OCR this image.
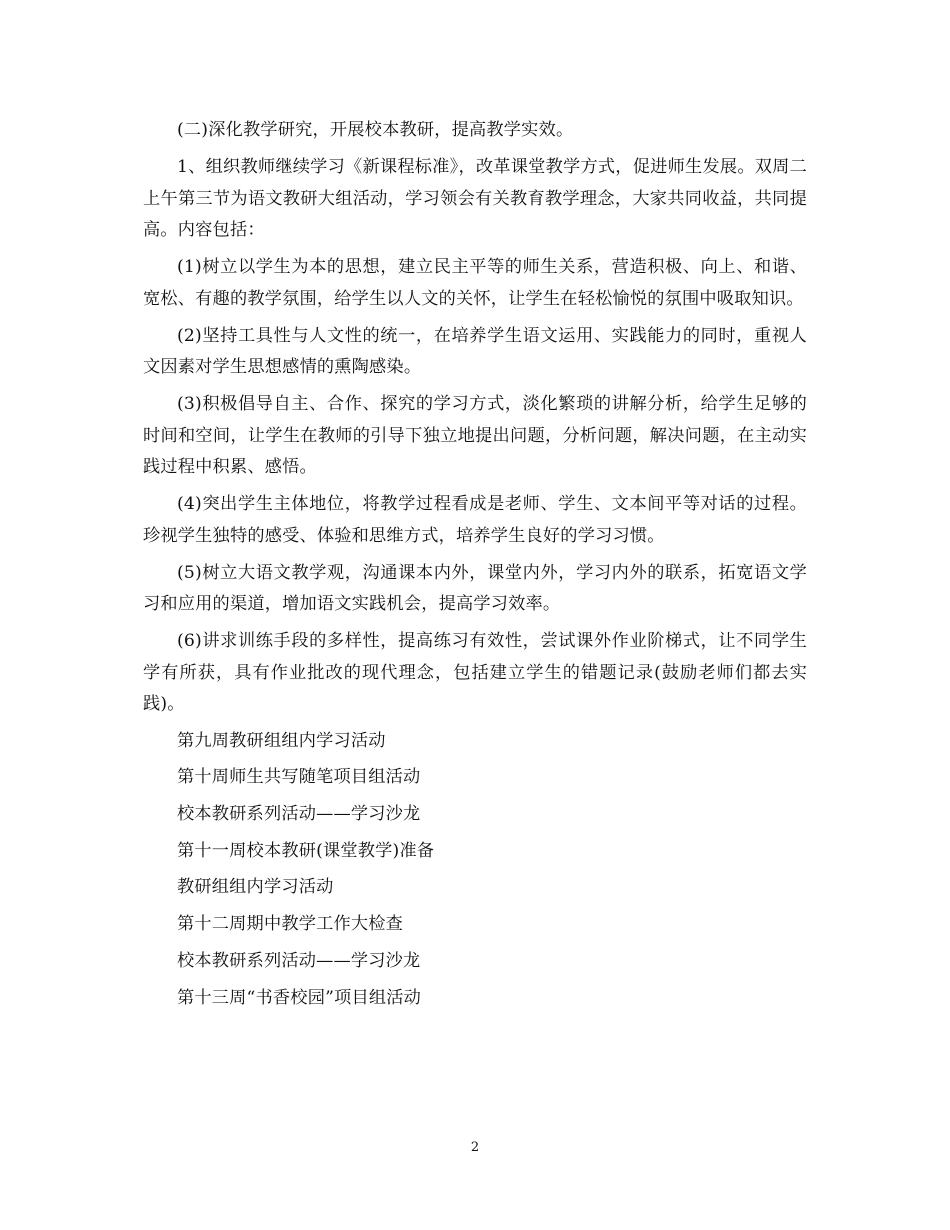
(二)深化教学研究，开展校本教研，提高教学实效。

1、组织教师继续学习《新课程标准》，改革课堂教学方式，促进师生发展。双周二上午第三节为语文教研大组活动，学习领会有关教育教学理念，大家共同收益，共同提高。内容包括：

(1)树立以学生为本的思想，建立民主平等的师生关系，营造积极、向上、和谐、宽松、有趣的教学氛围，给学生以人文的关怀，让学生在轻松愉悦的氛围中吸取知识。

(2)坚持工具性与人文性的统一，在培养学生语文运用、实践能力的同时，重视人文因素对学生思想感情的熏陶感染。

(3)积极倡导自主、合作、探究的学习方式，淡化繁琐的讲解分析，给学生足够的时间和空间，让学生在教师的引导下独立地提出问题，分析问题，解决问题，在主动实践过程中积累、感悟。

(4)突出学生主体地位，将教学过程看成是老师、学生、文本间平等对话的过程。珍视学生独特的感受、体验和思维方式，培养学生良好的学习习惯。

(5)树立大语文教学观，沟通课本内外，课堂内外，学习内外的联系，拓宽语文学习和应用的渠道，增加语文实践机会，提高学习效率。

(6)讲求训练手段的多样性，提高练习有效性，尝试课外作业阶梯式，让不同学生学有所获，具有作业批改的现代理念，包括建立学生的错题记录(鼓励老师们都去实践)。

第九周教研组组内学习活动

第十周师生共写随笔项目组活动

校本教研系列活动——学习沙龙

第十一周校本教研(课堂教学)准备

教研组组内学习活动

第十二周期中教学工作大检查

校本教研系列活动——学习沙龙

第十三周“书香校园”项目组活动

2
